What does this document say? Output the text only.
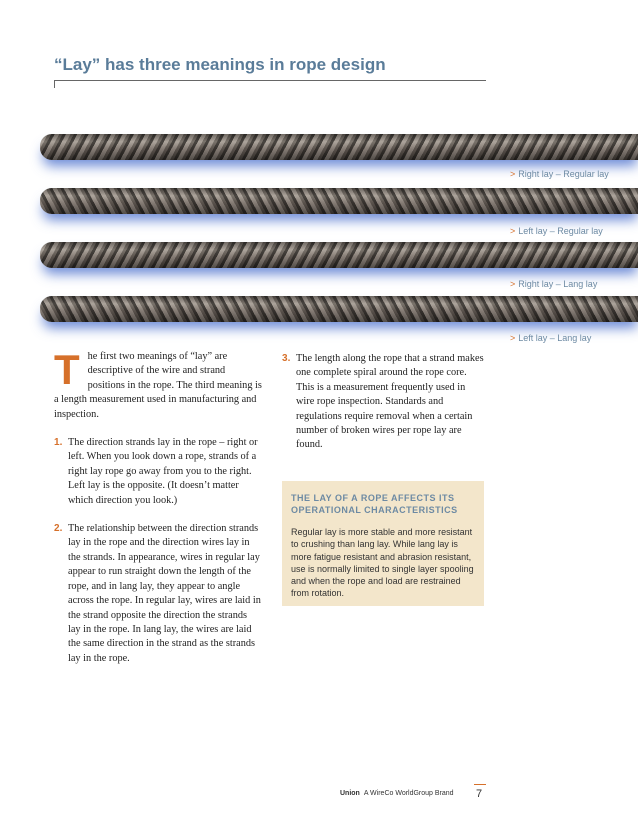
“Lay” has three meanings in rope design
> Right lay – Regular lay
> Left lay – Regular lay
> Right lay – Lang lay
> Left lay – Lang lay

The first two meanings of “lay” are descriptive of the wire and strand positions in the rope. The third meaning is a length measurement used in manufacturing and inspection.

1 . The direction strands lay in the rope – right or left. When you look down a rope, strands of a right lay rope go away from you to the right. Left lay is the opposite. (It doesn’t matter which direction you look.)
2 . The relationship between the direction strands lay in the rope and the direction wires lay in the strands. In appearance, wires in regular lay appear to run straight down the length of the rope, and in lang lay, they appear to angle across the rope. In regular lay, wires are laid in the strand opposite the direction the strands lay in the rope. In lang lay, the wires are laid the same direction in the strand as the strands lay in the rope.
3 . The length along the rope that a strand makes one complete spiral around the rope core. This is a measurement frequently used in wire rope inspection. Standards and regulations require removal when a certain number of broken wires per rope lay are found.

THE LAY OF A ROPE AFFECTS ITS OPERATIONAL CHARACTERISTICS

Regular lay is more stable and more resistant to crushing than lang lay. While lang lay is more fatigue resistant and abrasion resistant, use is normally limited to single layer spooling and when the rope and load are restrained from rotation.

Union A WireCo WorldGroup Brand 7
